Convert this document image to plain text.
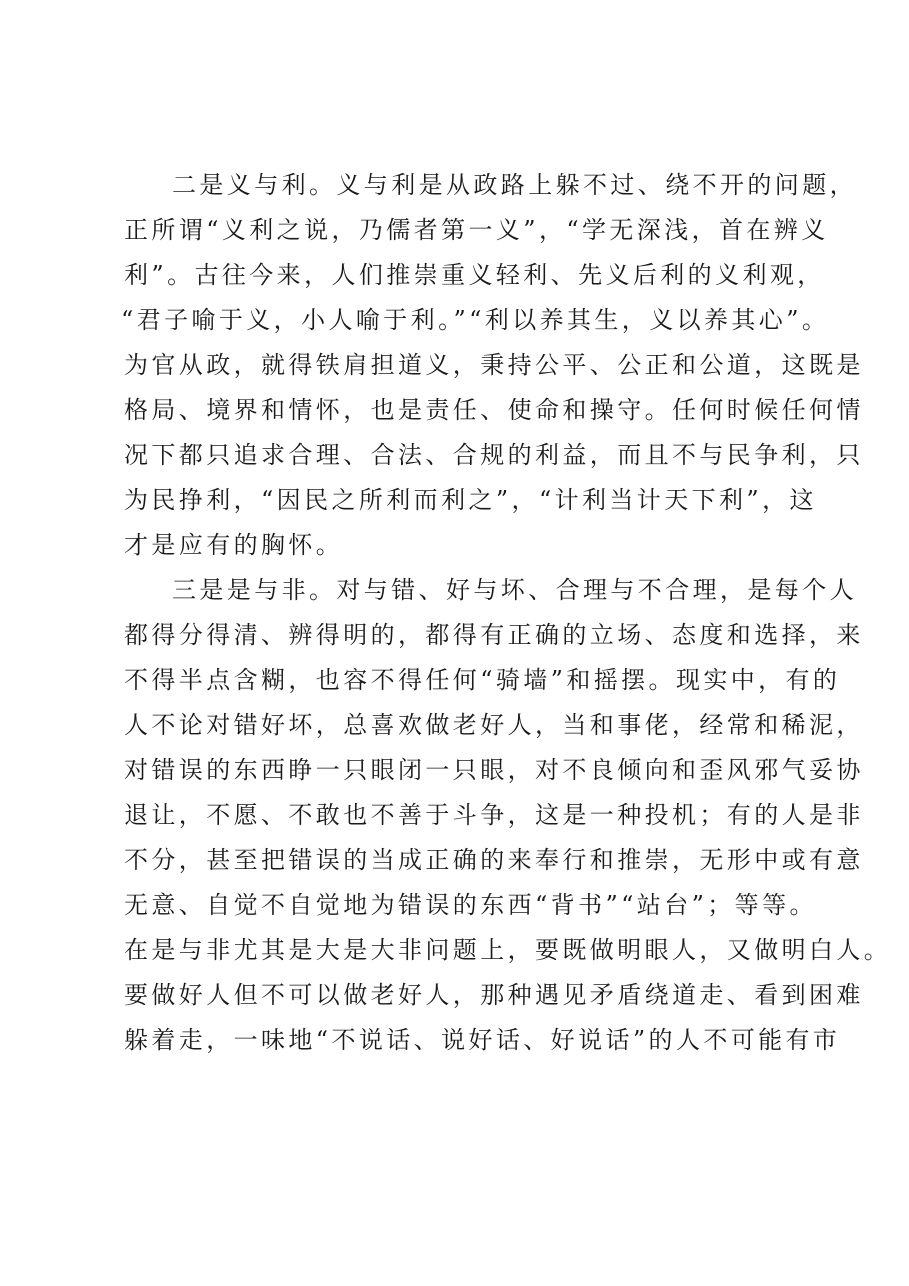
二是义与利。义与利是从政路上躲不过、绕不开的问题，
正所谓“义利之说，乃儒者第一义”，“学无深浅，首在辨义
利”。古往今来，人们推崇重义轻利、先义后利的义利观，
“君子喻于义，小人喻于利。”“利以养其生，义以养其心”。
为官从政，就得铁肩担道义，秉持公平、公正和公道，这既是
格局、境界和情怀，也是责任、使命和操守。任何时候任何情
况下都只追求合理、合法、合规的利益，而且不与民争利，只
为民挣利，“因民之所利而利之”，“计利当计天下利”，这
才是应有的胸怀。
三是是与非。对与错、好与坏、合理与不合理，是每个人
都得分得清、辨得明的，都得有正确的立场、态度和选择，来
不得半点含糊，也容不得任何“骑墙”和摇摆。现实中，有的
人不论对错好坏，总喜欢做老好人，当和事佬，经常和稀泥，
对错误的东西睁一只眼闭一只眼，对不良倾向和歪风邪气妥协
退让，不愿、不敢也不善于斗争，这是一种投机；有的人是非
不分，甚至把错误的当成正确的来奉行和推崇，无形中或有意
无意、自觉不自觉地为错误的东西“背书”“站台”；等等。
在是与非尤其是大是大非问题上，要既做明眼人，又做明白人。
要做好人但不可以做老好人，那种遇见矛盾绕道走、看到困难
躲着走，一味地“不说话、说好话、好说话”的人不可能有市
